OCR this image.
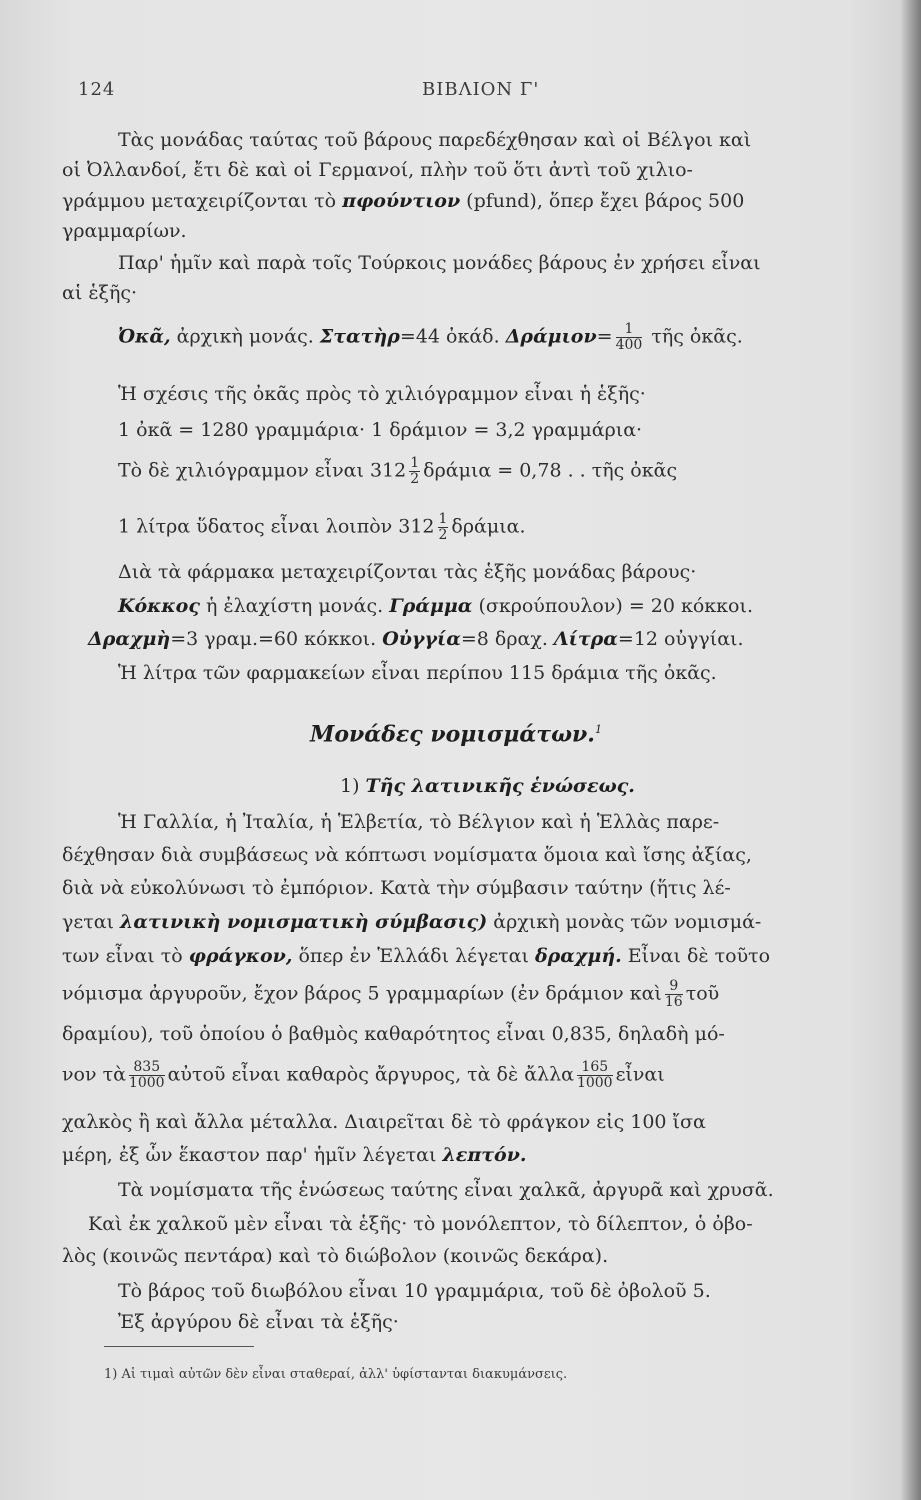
124	ΒΙΒΛΙΟΝ Γ'
Τὰς μονάδας ταύτας τοῦ βάρους παρεδέχθησαν καὶ οἱ Βέλγοι καὶ
οἱ Ὀλλανδοί, ἔτι δὲ καὶ οἱ Γερμανοί, πλὴν τοῦ ὅτι ἀντὶ τοῦ χιλιο-
γράμμου μεταχειρίζονται τὸ πφούντιον (pfund), ὅπερ ἔχει βάρος 500
γραμμαρίων.
Παρ' ἡμῖν καὶ παρὰ τοῖς Τούρκοις μονάδες βάρους ἐν χρήσει εἶναι
αἱ ἑξῆς·
Ὀκᾶ, ἀρχικὴ μονάς. Στατὴρ=44 ὀκάδ. $\Delta\rho ά\mu\iota o\nu= \frac{1}{400}$ τῆς ὀκᾶς.
Ἡ σχέσις τῆς ὀκᾶς πρὸς τὸ χιλιόγραμμον εἶναι ἡ ἑξῆς·
1 ὀκᾶ = 1280 γραμμάρια· 1 δράμιον = 3,2 γραμμάρια·
Τὸ δὲ χιλιόγραμμον εἶναι $312 \frac{1}{2}$ δράμια = 0,78 . . τῆς ὀκᾶς
1 λίτρα ὕδατος εἶναι λοιπὸν $312 \frac{1}{2} \delta\rho ά\mu\iota\alpha$.
Διὰ τὰ φάρμακα μεταχειρίζονται τὰς ἑξῆς μονάδας βάρους·
Κόκκος ἡ ἐλαχίστη μονάς. Γράμμα (σκρούπουλον) = 20 κόκκοι.
Δραχμὴ=3 γραμ.=60 κόκκοι. Οὐγγία=8 δραχ. Λίτρα=12 οὐγγίαι.
Ἡ λίτρα τῶν φαρμακείων εἶναι περίπου 115 δράμια τῆς ὀκᾶς.
Μονάδες νομισμάτων.$^1$
1) Τῆς λατινικῆς ἑνώσεως.
Ἡ Γαλλία, ἡ Ἰταλία, ἡ Ἑλβετία, τὸ Βέλγιον καὶ ἡ Ἑλλὰς παρε-
δέχθησαν διὰ συμβάσεως νὰ κόπτωσι νομίσματα ὅμοια καὶ ἴσης ἀξίας,
διὰ νὰ εὐκολύνωσι τὸ ἐμπόριον. Κατὰ τὴν σύμβασιν ταύτην (ἥτις λέ-
γεται λατινικὴ νομισματικὴ σύμβασις) ἀρχικὴ μονὰς τῶν νομισμά-
των εἶναι τὸ φράγκον, ὅπερ ἐν Ἑλλάδι λέγεται δραχμή. Εἶναι δὲ τοῦτο
νόμισμα ἀργυροῦν, ἔχον βάρος 5 γραμμαρίων (ἐν δράμιον καὶ $\frac{9}{16}$ τοῦ
δραμίου), τοῦ ὁποίου ὁ βαθμὸς καθαρότητος εἶναι 0,835, δηλαδὴ μό-
νον τὰ $\frac{835}{1000}$ αὐτοῦ εἶναι καθαρὸς ἄργυρος, τὰ δὲ ἄλλα $\frac{165}{1000}$ εἶναι
χαλκὸς ἢ καὶ ἄλλα μέταλλα. Διαιρεῖται δὲ τὸ φράγκον εἰς 100 ἴσα
μέρη, ἐξ ὧν ἕκαστον παρ' ἡμῖν λέγεται λεπτόν.
Τὰ νομίσματα τῆς ἑνώσεως ταύτης εἶναι χαλκᾶ, ἀργυρᾶ καὶ χρυσᾶ.
Καὶ ἐκ χαλκοῦ μὲν εἶναι τὰ ἑξῆς· τὸ μονόλεπτον, τὸ δίλεπτον, ὁ ὀβο-
λὸς (κοινῶς πεντάρα) καὶ τὸ διώβολον (κοινῶς δεκάρα).
Τὸ βάρος τοῦ διωβόλου εἶναι 10 γραμμάρια, τοῦ δὲ ὀβολοῦ 5.
Ἐξ ἀργύρου δὲ εἶναι τὰ ἑξῆς·
1) Αἱ τιμαὶ αὐτῶν δὲν εἶναι σταθεραί, ἀλλ' ὑφίστανται διακυμάνσεις.
